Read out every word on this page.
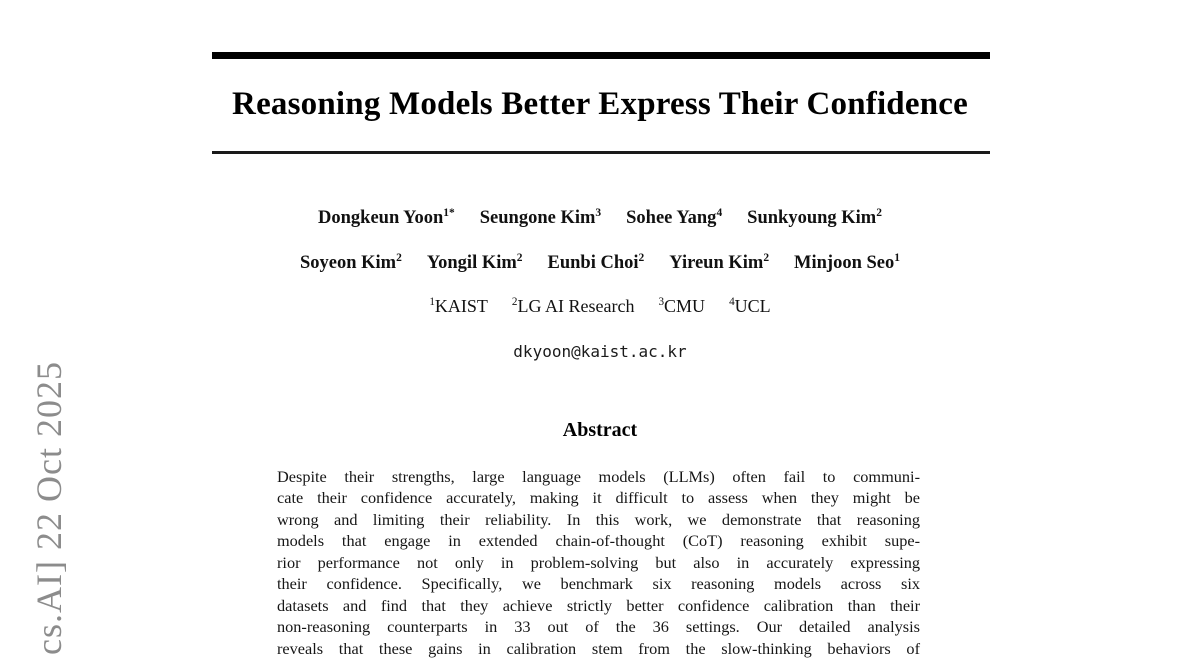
cs.AI] 22 Oct 2025
Reasoning Models Better Express Their Confidence
Dongkeun Yoon$^{1*}$ Seungone Kim$^3$ Sohee Yang$^4$ Sunkyoung Kim$^2$
Soyeon Kim$^2$ Yongil Kim$^2$ Eunbi Choi$^2$ Yireun Kim$^2$ Minjoon Seo$^1$
$^1$KAIST $^2$LG AI Research $^3$CMU $^4$UCL
dkyoon@kaist.ac.kr
Abstract
Despite their strengths, large language models (LLMs) often fail to communi-
cate their confidence accurately, making it difficult to assess when they might be
wrong and limiting their reliability. In this work, we demonstrate that reasoning
models that engage in extended chain-of-thought (CoT) reasoning exhibit supe-
rior performance not only in problem-solving but also in accurately expressing
their confidence. Specifically, we benchmark six reasoning models across six
datasets and find that they achieve strictly better confidence calibration than their
non-reasoning counterparts in 33 out of the 36 settings. Our detailed analysis
reveals that these gains in calibration stem from the slow-thinking behaviors of
